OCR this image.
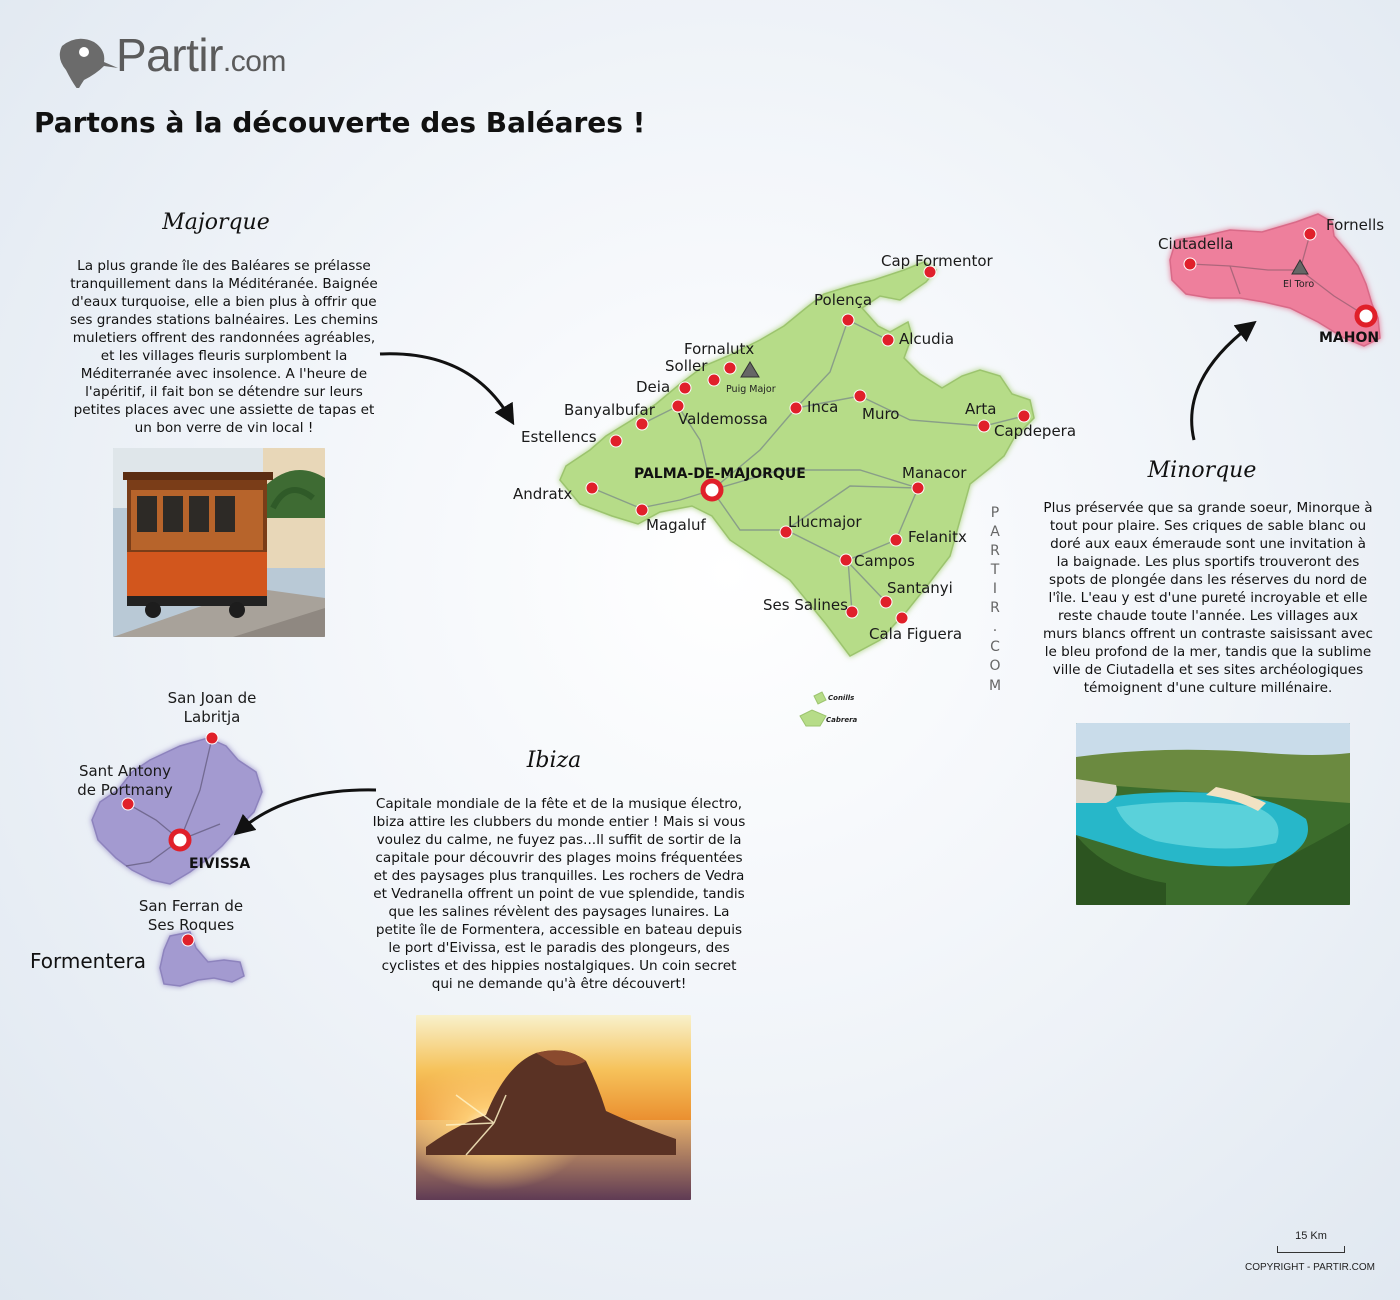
Partir.com
Partons à la découverte des Baléares !
Cap Formentor
Polença
Alcudia
Fornalutx
Soller
Deia
Banyalbufar Valdemossa
Estellencs
Inca Muro	Arta
Capdepera
Manacor
Andratx
Magaluf	Llucmajor
Felanitx
Campos
Santanyi
Ses Salines
Cala Figuera
PALMA-DE-MAJORQUE
Puig Major
Conills
Cabrera
Ciutadella
Fornells
MAHON
El Toro
San Joan de
Labritja
Sant Antony
de Portmany
EIVISSA
San Ferran de
Ses Roques
Formentera
P
A
R
T
I
R
.
C
O
M
Majorque
La plus grande île des Baléares se prélasse tranquillement dans la Méditéranée. Baignée d'eaux turquoise, elle a bien plus à offrir que ses grandes stations balnéaires. Les chemins muletiers offrent des randonnées agréables, et les villages fleuris surplombent la Méditerranée avec insolence. A l'heure de l'apéritif, il fait bon se détendre sur leurs petites places avec une assiette de tapas et un bon verre de vin local !
Minorque
Plus préservée que sa grande soeur, Minorque à tout pour plaire. Ses criques de sable blanc ou doré aux eaux émeraude sont une invitation à la baignade. Les plus sportifs trouveront des spots de plongée dans les réserves du nord de l'île. L'eau y est d'une pureté incroyable et elle reste chaude toute l'année. Les villages aux murs blancs offrent un contraste saisissant avec le bleu profond de la mer, tandis que la sublime ville de Ciutadella et ses sites archéologiques témoignent d'une culture millénaire.
Ibiza
Capitale mondiale de la fête et de la musique électro, Ibiza attire les clubbers du monde entier ! Mais si vous voulez du calme, ne fuyez pas...Il suffit de sortir de la capitale pour découvrir des plages moins fréquentées et des paysages plus tranquilles. Les rochers de Vedra et Vedranella offrent un point de vue splendide, tandis que les salines révèlent des paysages lunaires. La petite île de Formentera, accessible en bateau depuis le port d'Eivissa, est le paradis des plongeurs, des cyclistes et des hippies nostalgiques. Un coin secret qui ne demande qu'à être découvert!
15 Km
COPYRIGHT - PARTIR.COM
